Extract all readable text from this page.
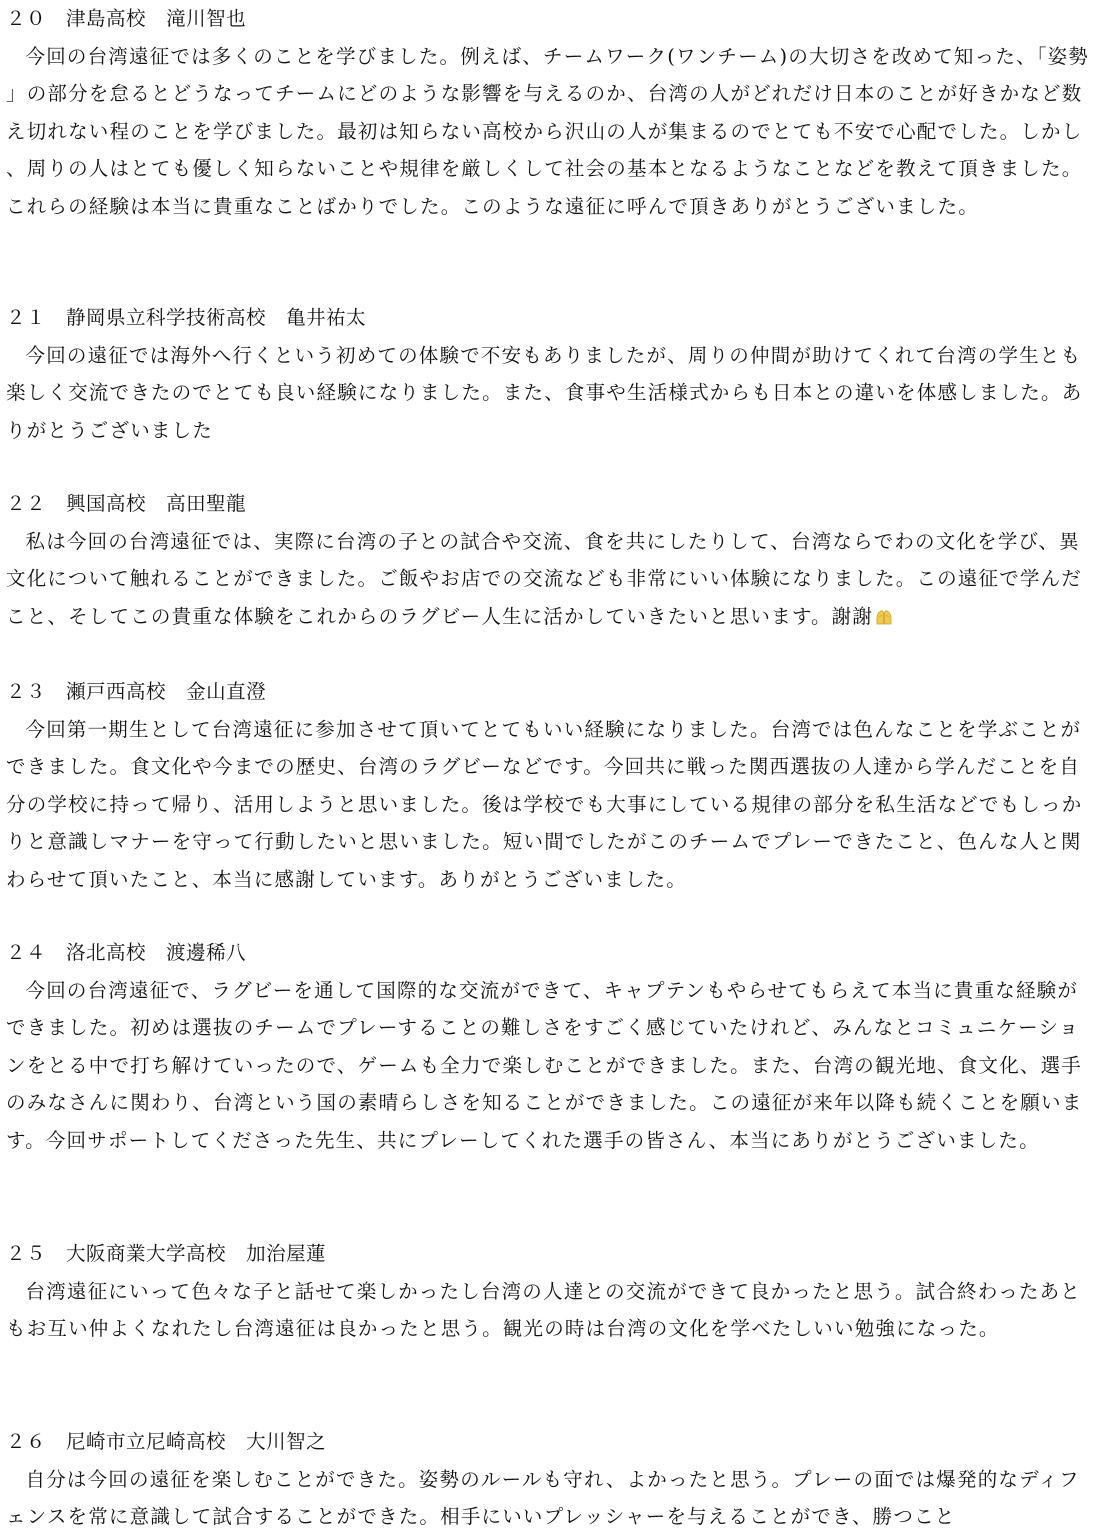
２０　 津島高校　 滝川智也

今回の台湾遠征では多くのことを学びました。例えば、チームワーク(ワンチーム)の大切さを改めて知った、「姿勢」の部分を怠るとどうなってチームにどのような影響を与えるのか、台湾の人がどれだけ日本のことが好きかなど数え切れない程のことを学びました。最初は知らない高校から沢山の人が集まるのでとても不安で心配でした。しかし、周りの人はとても優しく知らないことや規律を厳しくして社会の基本となるようなことなどを教えて頂きました。これらの経験は本当に貴重なことばかりでした。このような遠征に呼んで頂きありがとうございました。

２１　 静岡県立科学技術高校　 亀井祐太

今回の遠征では海外へ行くという初めての体験で不安もありましたが、周りの仲間が助けてくれて台湾の学生とも楽しく交流できたのでとても良い経験になりました。また、食事や生活様式からも日本との違いを体感しました。ありがとうございました

２２　 興国高校　 高田聖龍

私は今回の台湾遠征では、実際に台湾の子との試合や交流、食を共にしたりして、台湾ならでわの文化を学び、異文化について触れることができました。ご飯やお店での交流なども非常にいい体験になりました。この遠征で学んだこと、そしてこの貴重な体験をこれからのラグビー人生に活かしていきたいと思います。謝謝

２３　 瀬戸西高校　 金山直澄

今回第一期生として台湾遠征に参加させて頂いてとてもいい経験になりました。台湾では色んなことを学ぶことができました。食文化や今までの歴史、台湾のラグビーなどです。今回共に戦った関西選抜の人達から学んだことを自分の学校に持って帰り、活用しようと思いました。後は学校でも大事にしている規律の部分を私生活などでもしっかりと意識しマナーを守って行動したいと思いました。短い間でしたがこのチームでプレーできたこと、色んな人と関わらせて頂いたこと、本当に感謝しています。ありがとうございました。

２４　 洛北高校　 渡邊稀八

今回の台湾遠征で、ラグビーを通して国際的な交流ができて、キャプテンもやらせてもらえて本当に貴重な経験ができました。初めは選抜のチームでプレーすることの難しさをすごく感じていたけれど、みんなとコミュニケーションをとる中で打ち解けていったので、ゲームも全力で楽しむことができました。また、台湾の観光地、食文化、選手のみなさんに関わり、台湾という国の素晴らしさを知ることができました。この遠征が来年以降も続くことを願います。今回サポートしてくださった先生、共にプレーしてくれた選手の皆さん、本当にありがとうございました。

２５　 大阪商業大学高校　 加治屋蓮

台湾遠征にいって色々な子と話せて楽しかったし台湾の人達との交流ができて良かったと思う。試合終わったあともお互い仲よくなれたし台湾遠征は良かったと思う。観光の時は台湾の文化を学べたしいい勉強になった。

２６　 尼崎市立尼崎高校　 大川智之

自分は今回の遠征を楽しむことができた。姿勢のルールも守れ、よかったと思う。プレーの面では爆発的なディフェンスを常に意識して試合することができた。相手にいいプレッシャーを与えることができ、勝つこと
